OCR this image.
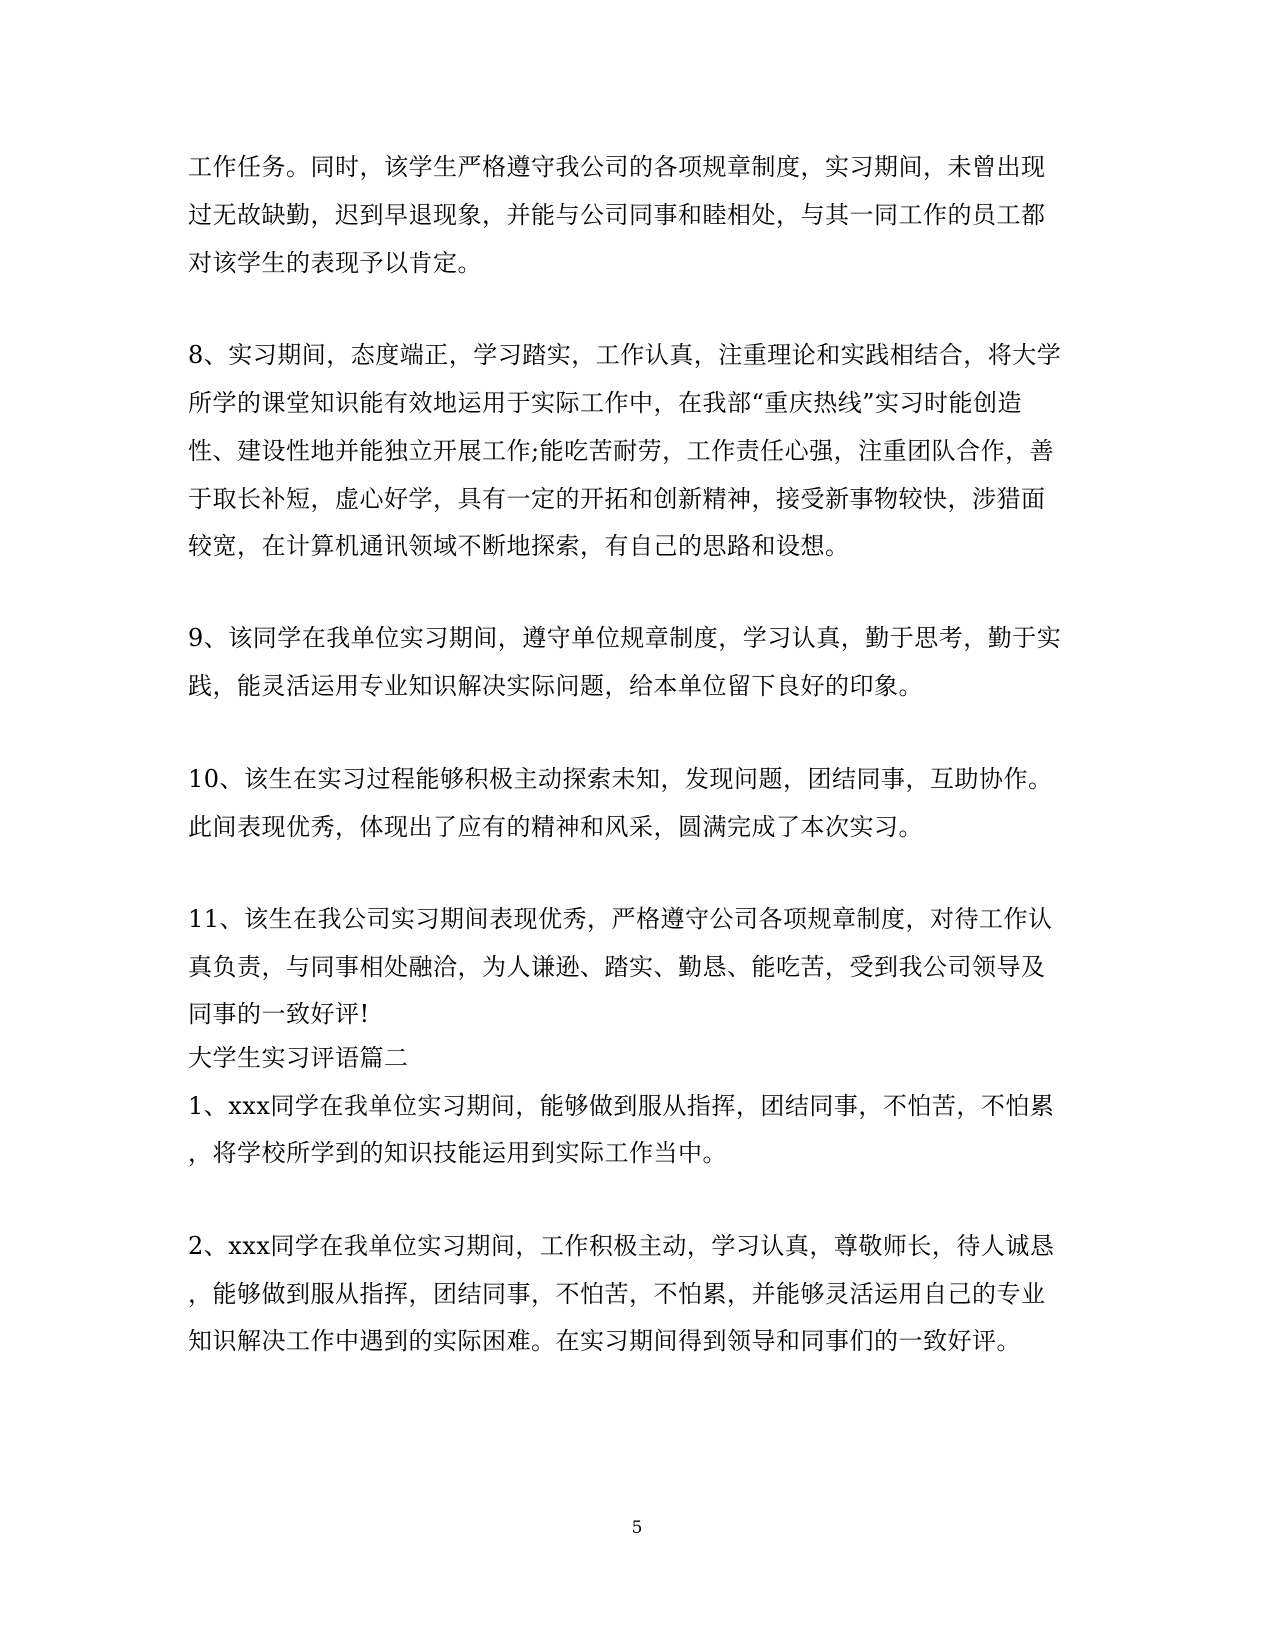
工作任务。同时，该学生严格遵守我公司的各项规章制度，实习期间，未曾出现
过无故缺勤，迟到早退现象，并能与公司同事和睦相处，与其一同工作的员工都
对该学生的表现予以肯定。
8、实习期间，态度端正，学习踏实，工作认真，注重理论和实践相结合，将大学
所学的课堂知识能有效地运用于实际工作中，在我部“重庆热线”实习时能创造
性、建设性地并能独立开展工作;能吃苦耐劳，工作责任心强，注重团队合作，善
于取长补短，虚心好学，具有一定的开拓和创新精神，接受新事物较快，涉猎面
较宽，在计算机通讯领域不断地探索，有自己的思路和设想。
9、该同学在我单位实习期间，遵守单位规章制度，学习认真，勤于思考，勤于实
践，能灵活运用专业知识解决实际问题，给本单位留下良好的印象。
10、该生在实习过程能够积极主动探索未知，发现问题，团结同事，互助协作。
此间表现优秀，体现出了应有的精神和风采，圆满完成了本次实习。
11、该生在我公司实习期间表现优秀，严格遵守公司各项规章制度，对待工作认
真负责，与同事相处融洽，为人谦逊、踏实、勤恳、能吃苦，受到我公司领导及
同事的一致好评!
大学生实习评语篇二
1、xxx同学在我单位实习期间，能够做到服从指挥，团结同事，不怕苦，不怕累
，将学校所学到的知识技能运用到实际工作当中。
2、xxx同学在我单位实习期间，工作积极主动，学习认真，尊敬师长，待人诚恳
，能够做到服从指挥，团结同事，不怕苦，不怕累，并能够灵活运用自己的专业
知识解决工作中遇到的实际困难。在实习期间得到领导和同事们的一致好评。
5
